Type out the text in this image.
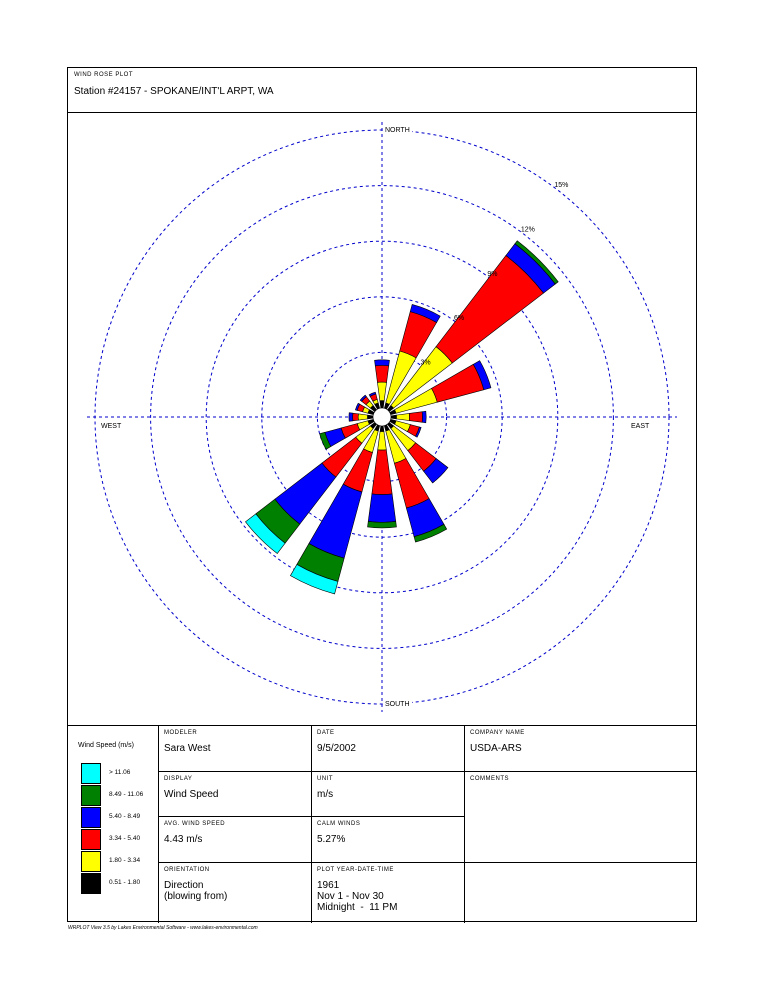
WIND ROSE PLOT
Station #24157 - SPOKANE/INT'L ARPT, WA
3%
6%
9%
12%
15%
NORTH
SOUTH
EAST
WEST
Wind Speed (m/s)
> 11.06
8.49 - 11.06
5.40 - 8.49
3.34 - 5.40
1.80 - 3.34
0.51 - 1.80
MODELER
Sara West
DATE
9/5/2002
COMPANY NAME
USDA-ARS
DISPLAY
Wind Speed
UNIT
m/s
COMMENTS
AVG. WIND SPEED
4.43 m/s
CALM WINDS
5.27%
ORIENTATION
Direction
(blowing from)
PLOT YEAR-DATE-TIME
1961
Nov 1 - Nov 30
Midnight  -  11 PM
WRPLOT View 3.5 by Lakes Environmental Software - www.lakes-environmental.com
